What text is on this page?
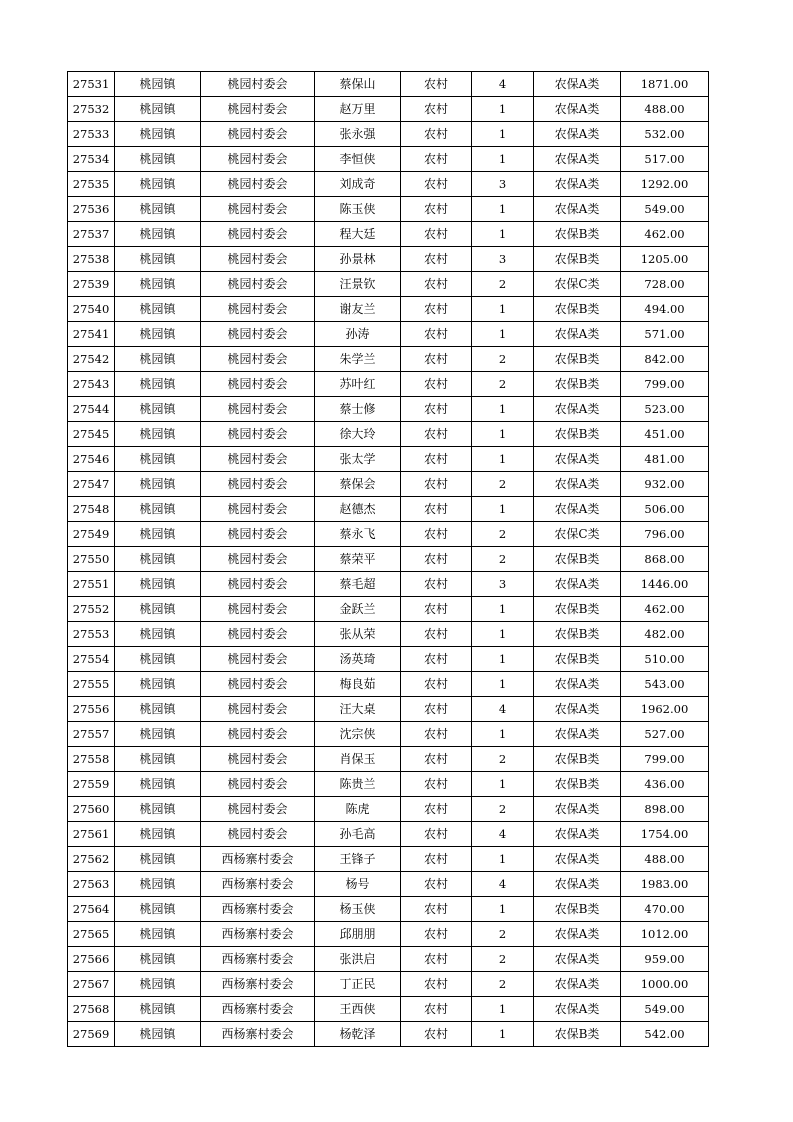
27531	桃园镇	桃园村委会	蔡保山	农村	4	农保A类	1871.00
27532	桃园镇	桃园村委会	赵万里	农村	1	农保A类	488.00
27533	桃园镇	桃园村委会	张永强	农村	1	农保A类	532.00
27534	桃园镇	桃园村委会	李恒侠	农村	1	农保A类	517.00
27535	桃园镇	桃园村委会	刘成奇	农村	3	农保A类	1292.00
27536	桃园镇	桃园村委会	陈玉侠	农村	1	农保A类	549.00
27537	桃园镇	桃园村委会	程大廷	农村	1	农保B类	462.00
27538	桃园镇	桃园村委会	孙景林	农村	3	农保B类	1205.00
27539	桃园镇	桃园村委会	汪景钦	农村	2	农保C类	728.00
27540	桃园镇	桃园村委会	谢友兰	农村	1	农保B类	494.00
27541	桃园镇	桃园村委会	孙涛	农村	1	农保A类	571.00
27542	桃园镇	桃园村委会	朱学兰	农村	2	农保B类	842.00
27543	桃园镇	桃园村委会	苏叶红	农村	2	农保B类	799.00
27544	桃园镇	桃园村委会	蔡士修	农村	1	农保A类	523.00
27545	桃园镇	桃园村委会	徐大玲	农村	1	农保B类	451.00
27546	桃园镇	桃园村委会	张太学	农村	1	农保A类	481.00
27547	桃园镇	桃园村委会	蔡保会	农村	2	农保A类	932.00
27548	桃园镇	桃园村委会	赵德杰	农村	1	农保A类	506.00
27549	桃园镇	桃园村委会	蔡永飞	农村	2	农保C类	796.00
27550	桃园镇	桃园村委会	蔡荣平	农村	2	农保B类	868.00
27551	桃园镇	桃园村委会	蔡毛超	农村	3	农保A类	1446.00
27552	桃园镇	桃园村委会	金跃兰	农村	1	农保B类	462.00
27553	桃园镇	桃园村委会	张从荣	农村	1	农保B类	482.00
27554	桃园镇	桃园村委会	汤英琦	农村	1	农保B类	510.00
27555	桃园镇	桃园村委会	梅良茹	农村	1	农保A类	543.00
27556	桃园镇	桃园村委会	汪大桌	农村	4	农保A类	1962.00
27557	桃园镇	桃园村委会	沈宗侠	农村	1	农保A类	527.00
27558	桃园镇	桃园村委会	肖保玉	农村	2	农保B类	799.00
27559	桃园镇	桃园村委会	陈贵兰	农村	1	农保B类	436.00
27560	桃园镇	桃园村委会	陈虎	农村	2	农保A类	898.00
27561	桃园镇	桃园村委会	孙毛高	农村	4	农保A类	1754.00
27562	桃园镇	西杨寨村委会	王锋子	农村	1	农保A类	488.00
27563	桃园镇	西杨寨村委会	杨号	农村	4	农保A类	1983.00
27564	桃园镇	西杨寨村委会	杨玉侠	农村	1	农保B类	470.00
27565	桃园镇	西杨寨村委会	邱朋朋	农村	2	农保A类	1012.00
27566	桃园镇	西杨寨村委会	张洪启	农村	2	农保A类	959.00
27567	桃园镇	西杨寨村委会	丁正民	农村	2	农保A类	1000.00
27568	桃园镇	西杨寨村委会	王西侠	农村	1	农保A类	549.00
27569	桃园镇	西杨寨村委会	杨乾泽	农村	1	农保B类	542.00
